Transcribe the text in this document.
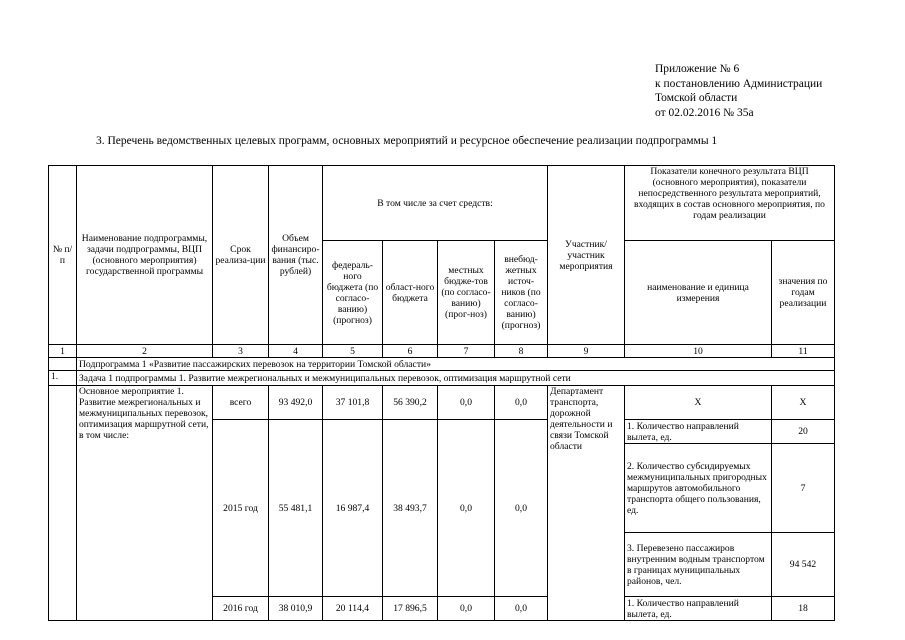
Приложение № 6
к постановлению Администрации
Томской области
от 02.02.2016 № 35а
3. Перечень ведомственных целевых программ, основных мероприятий и ресурсное обеспечение реализации подпрограммы 1
№ п/п	Наименование подпрограммы, задачи подпрограммы, ВЦП (основного мероприятия) государственной программы	Срок реализа-ции	Объем финансиро-вания (тыс. рублей)	В том числе за счет средств:				Участник/ участник мероприятия	Показатели конечного результата ВЦП (основного мероприятия), показатели непосредственного результата мероприятий, входящих в состав основного мероприятия, по годам реализации	
				федераль-ного бюджета (по согласо-ванию) (прогноз)	област-ного бюджета	местных бюдже-тов (по согласо-ванию) (прог-ноз)	внебюд-жетных источ-ников (по согласо-ванию) (прогноз)		наименование и единица измерения	значения по годам реализации
1	2	3	4	5	6	7	8	9	10	11
	Подпрограмма 1 «Развитие пассажирских перевозок на территории Томской области»									
1.	Задача 1 подпрограммы 1. Развитие межрегиональных и межмуниципальных перевозок, оптимизация маршрутной сети									
	Основное мероприятие 1. Развитие межрегиональных и межмуниципальных перевозок, оптимизация маршрутной сети, в том числе:	всего	93 492,0	37 101,8	56 390,2	0,0	0,0	Департамент транспорта, дорожной деятельности и связи Томской области	Х	Х
		2015 год	55 481,1	16 987,4	38 493,7	0,0	0,0		1. Количество направлений вылета, ед.	20
									2. Количество субсидируемых межмуниципальных пригородных маршрутов автомобильного транспорта общего пользования, ед.	7
									3. Перевезено пассажиров внутренним водным транспортом в границах муниципальных районов, чел.	94 542
		2016 год	38 010,9	20 114,4	17 896,5	0,0	0,0		1. Количество направлений вылета, ед.	18
